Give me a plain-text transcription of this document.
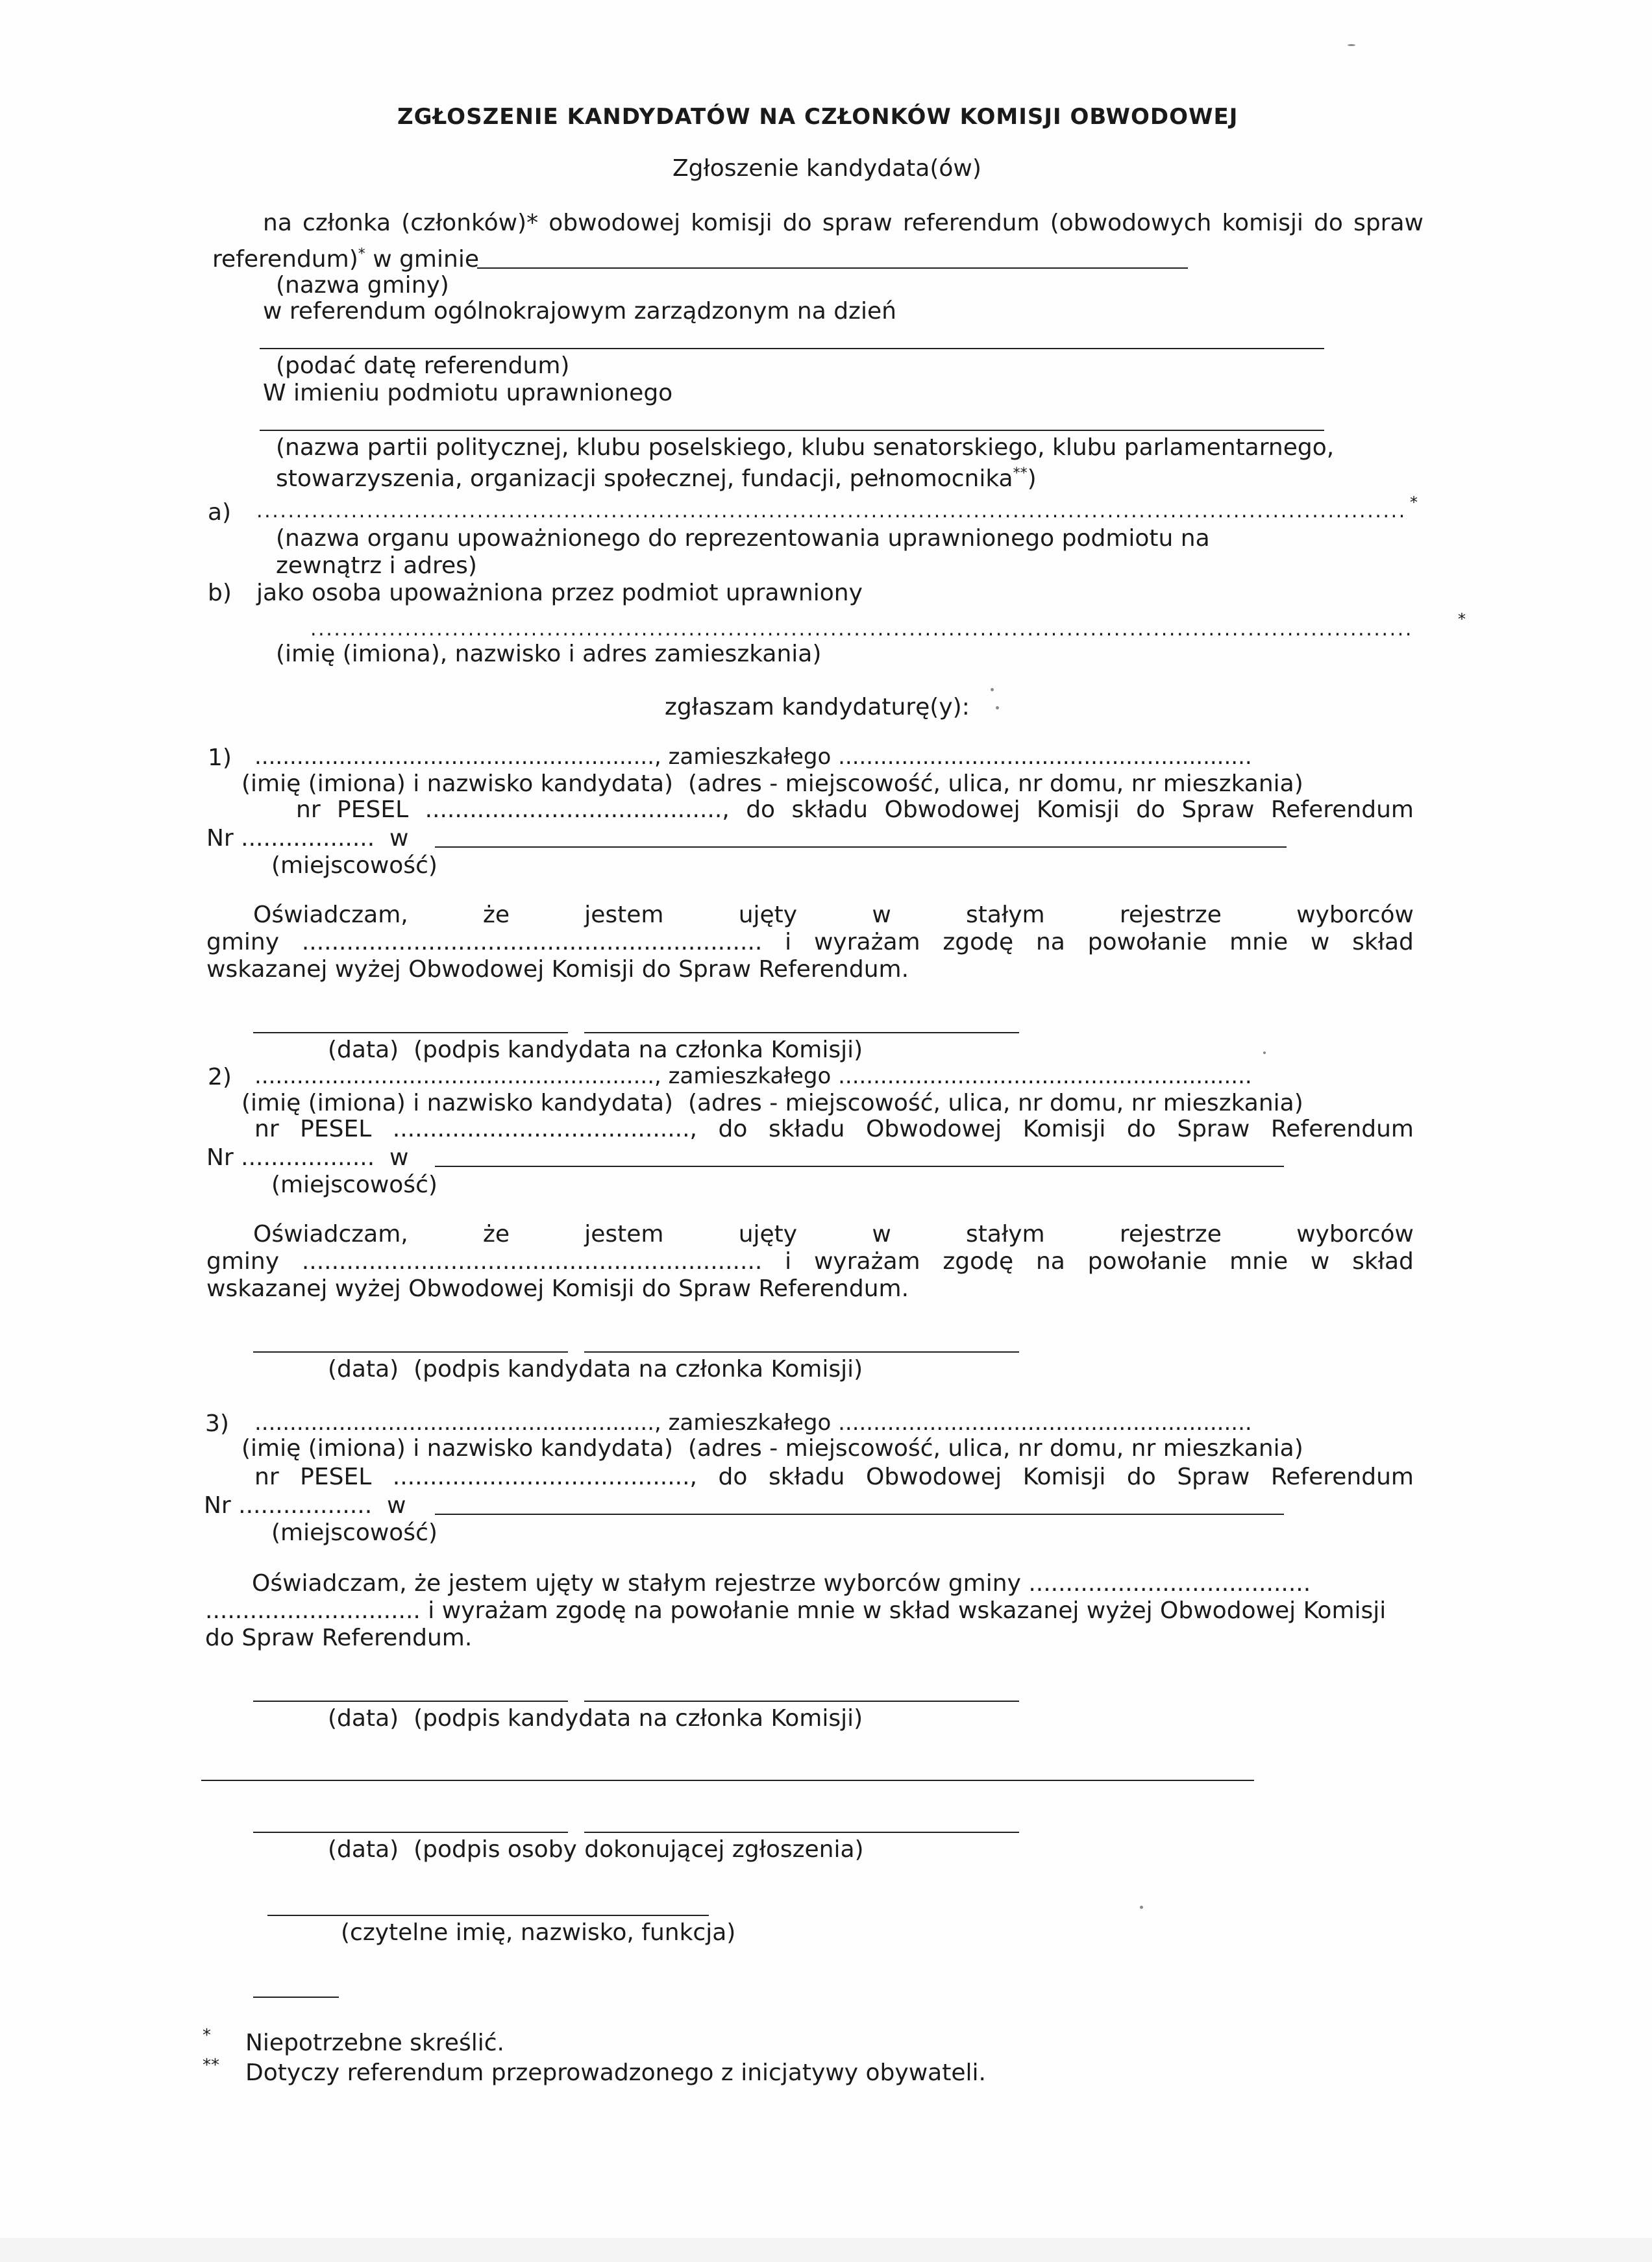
ZGŁOSZENIE KANDYDATÓW NA CZŁONKÓW KOMISJI OBWODOWEJ
Zgłoszenie kandydata(ów)
na członka (członków)* obwodowej komisji do spraw referendum (obwodowych komisji do spraw
referendum)* w gminie
(nazwa gminy)
w referendum ogólnokrajowym zarządzonym na dzień
(podać datę referendum)
W imieniu podmiotu uprawnionego
(nazwa partii politycznej, klubu poselskiego, klubu senatorskiego, klubu parlamentarnego,
stowarzyszenia, organizacji społecznej, fundacji, pełnomocnika**)
a) .................................................................................................................................................. *
(nazwa organu upoważnionego do reprezentowania uprawnionego podmiotu na
zewnątrz i adres)
b) jako osoba upoważniona przez podmiot uprawniony
............................................................................................................................................	*
(imię (imiona), nazwisko i adres zamieszkania)
zgłaszam kandydaturę(y):
1) ........................................................., zamieszkałego ...........................................................
(imię (imiona) i nazwisko kandydata)  (adres - miejscowość, ulica, nr domu, nr mieszkania)
nr PESEL ........................................, do składu Obwodowej Komisji do Spraw Referendum
Nr ..................  w
(miejscowość)
Oświadczam,	że	jestem	ujęty	w	stałym	rejestrze	wyborców
gminy .............................................................. i wyrażam zgodę na powołanie mnie w skład
wskazanej wyżej Obwodowej Komisji do Spraw Referendum.
(data)  (podpis kandydata na członka Komisji)
2) ........................................................., zamieszkałego ...........................................................
(imię (imiona) i nazwisko kandydata)  (adres - miejscowość, ulica, nr domu, nr mieszkania)
nr PESEL ........................................, do składu Obwodowej Komisji do Spraw Referendum
Nr ..................  w
(miejscowość)
Oświadczam,	że	jestem	ujęty	w	stałym	rejestrze	wyborców
gminy .............................................................. i wyrażam zgodę na powołanie mnie w skład
wskazanej wyżej Obwodowej Komisji do Spraw Referendum.
(data)  (podpis kandydata na członka Komisji)
3) ........................................................., zamieszkałego ...........................................................
(imię (imiona) i nazwisko kandydata)  (adres - miejscowość, ulica, nr domu, nr mieszkania)
nr PESEL ........................................, do składu Obwodowej Komisji do Spraw Referendum
Nr ..................  w
(miejscowość)
Oświadczam, że jestem ujęty w stałym rejestrze wyborców gminy ......................................
............................. i wyrażam zgodę na powołanie mnie w skład wskazanej wyżej Obwodowej Komisji
do Spraw Referendum.
(data)  (podpis kandydata na członka Komisji)
(data)  (podpis osoby dokonującej zgłoszenia)
(czytelne imię, nazwisko, funkcja)
* Niepotrzebne skreślić.
** Dotyczy referendum przeprowadzonego z inicjatywy obywateli.
